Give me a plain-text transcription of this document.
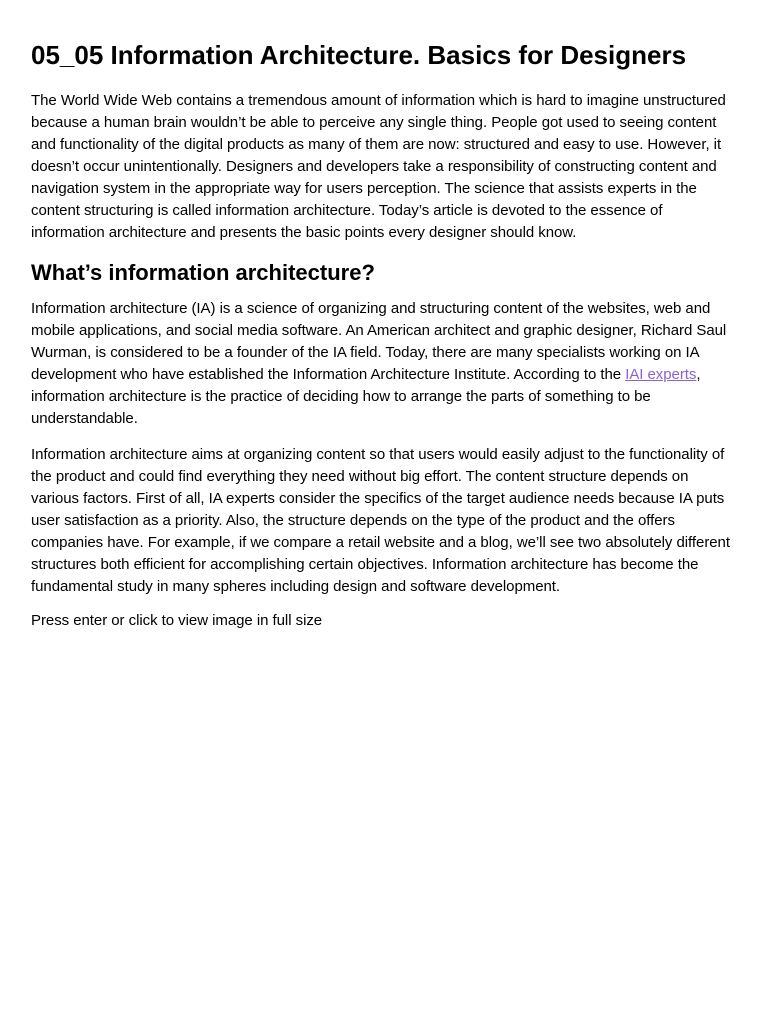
05_05 Information Architecture. Basics for Designers

The World Wide Web contains a tremendous amount of information which is hard to imagine unstructured because a human brain wouldn’t be able to perceive any single thing. People got used to seeing content and functionality of the digital products as many of them are now: structured and easy to use. However, it doesn’t occur unintentionally. Designers and developers take a responsibility of constructing content and navigation system in the appropriate way for users perception. The science that assists experts in the content structuring is called information architecture. Today’s article is devoted to the essence of information architecture and presents the basic points every designer should know.

What’s information architecture?

Information architecture (IA) is a science of organizing and structuring content of the websites, web and mobile applications, and social media software. An American architect and graphic designer, Richard Saul Wurman, is considered to be a founder of the IA field. Today, there are many specialists working on IA development who have established the Information Architecture Institute. According to the IAI experts, information architecture is the practice of deciding how to arrange the parts of something to be understandable.

Information architecture aims at organizing content so that users would easily adjust to the functionality of the product and could find everything they need without big effort. The content structure depends on various factors. First of all, IA experts consider the specifics of the target audience needs because IA puts user satisfaction as a priority. Also, the structure depends on the type of the product and the offers companies have. For example, if we compare a retail website and a blog, we’ll see two absolutely different structures both efficient for accomplishing certain objectives. Information architecture has become the fundamental study in many spheres including design and software development.

Press enter or click to view image in full size
